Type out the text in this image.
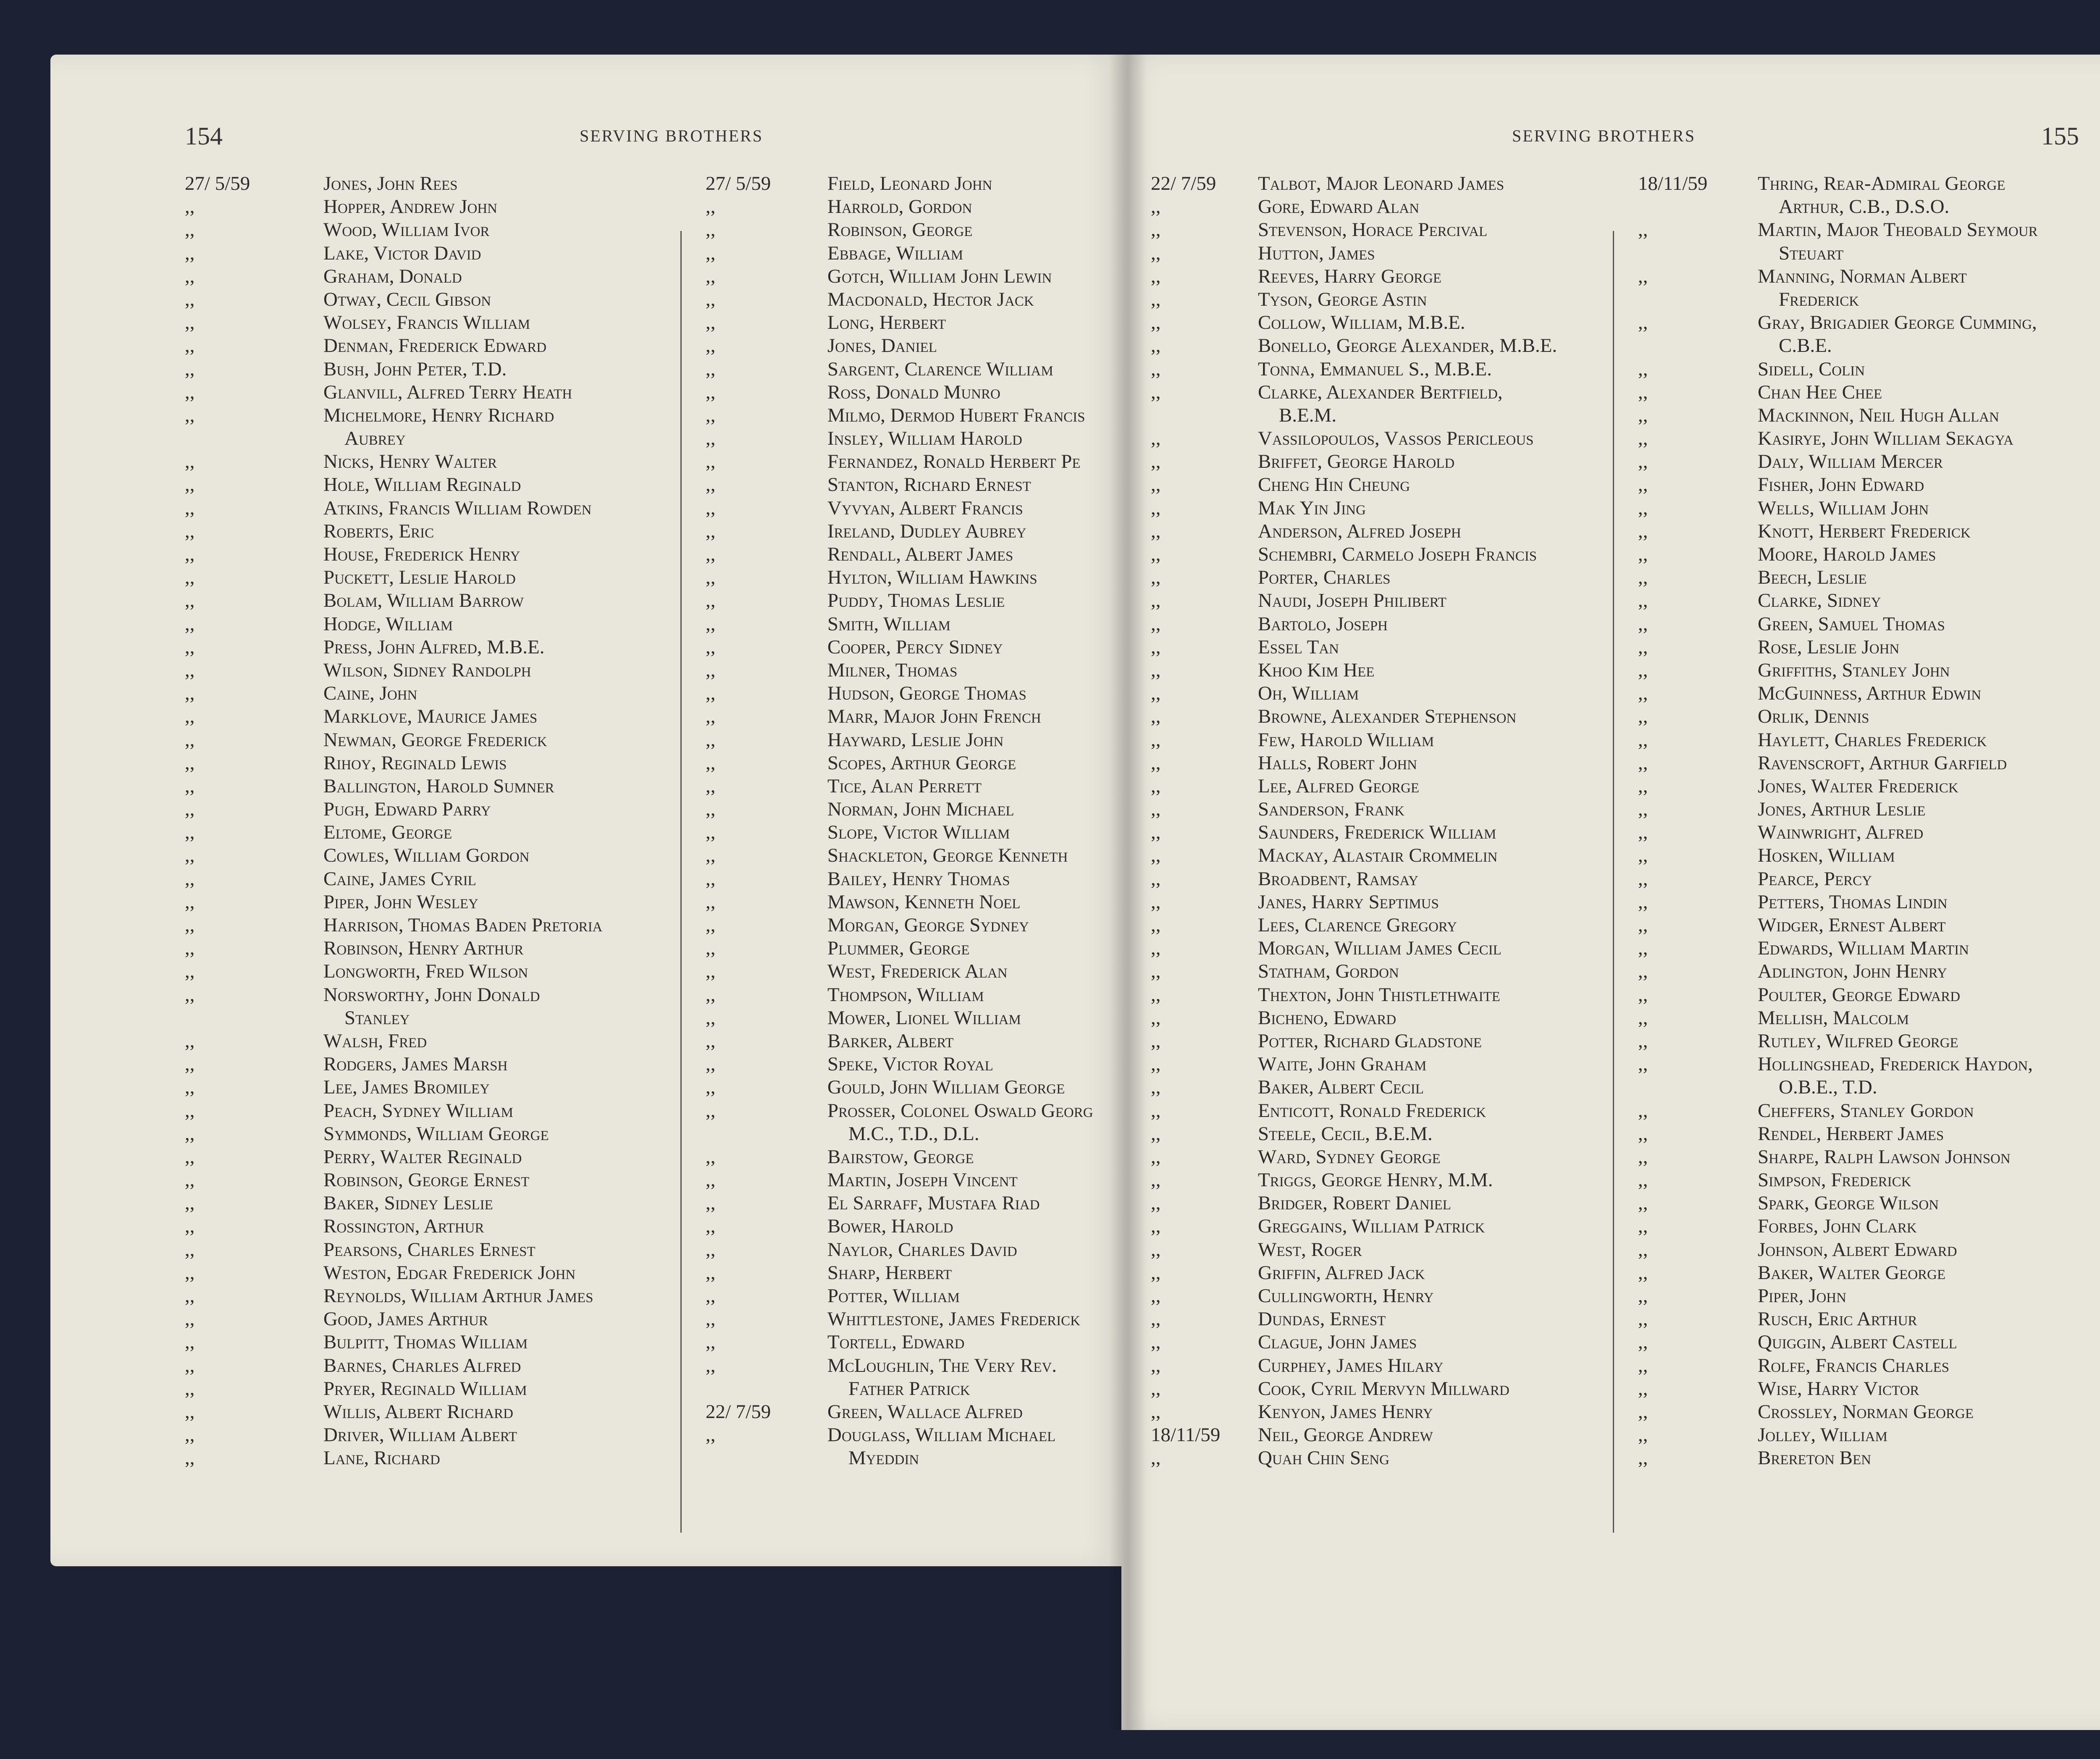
154	SERVING BROTHERS	SERVING BROTHERS	155
27/ 5/59	Jones, John Rees
,,	Hopper, Andrew John
,,	Wood, William Ivor
,,	Lake, Victor David
,,	Graham, Donald
,,	Otway, Cecil Gibson
,,	Wolsey, Francis William
,,	Denman, Frederick Edward
,,	Bush, John Peter, T.D.
,,	Glanvill, Alfred Terry Heath
,,	Michelmore, Henry Richard
Aubrey
,,	Nicks, Henry Walter
,,	Hole, William Reginald
,,	Atkins, Francis William Rowden
,,	Roberts, Eric
,,	House, Frederick Henry
,,	Puckett, Leslie Harold
,,	Bolam, William Barrow
,,	Hodge, William
,,	Press, John Alfred, M.B.E.
,,	Wilson, Sidney Randolph
,,	Caine, John
,,	Marklove, Maurice James
,,	Newman, George Frederick
,,	Rihoy, Reginald Lewis
,,	Ballington, Harold Sumner
,,	Pugh, Edward Parry
,,	Eltome, George
,,	Cowles, William Gordon
,,	Caine, James Cyril
,,	Piper, John Wesley
,,	Harrison, Thomas Baden Pretoria
,,	Robinson, Henry Arthur
,,	Longworth, Fred Wilson
,,	Norsworthy, John Donald
Stanley
,,	Walsh, Fred
,,	Rodgers, James Marsh
,,	Lee, James Bromiley
,,	Peach, Sydney William
,,	Symmonds, William George
,,	Perry, Walter Reginald
,,	Robinson, George Ernest
,,	Baker, Sidney Leslie
,,	Rossington, Arthur
,,	Pearsons, Charles Ernest
,,	Weston, Edgar Frederick John
,,	Reynolds, William Arthur James
,,	Good, James Arthur
,,	Bulpitt, Thomas William
,,	Barnes, Charles Alfred
,,	Pryer, Reginald William
,,	Willis, Albert Richard
,,	Driver, William Albert
,,	Lane, Richard
27/ 5/59	Field, Leonard John
,,	Harrold, Gordon
,,	Robinson, George
,,	Ebbage, William
,,	Gotch, William John Lewin
,,	Macdonald, Hector Jack
,,	Long, Herbert
,,	Jones, Daniel
,,	Sargent, Clarence William
,,	Ross, Donald Munro
,,	Milmo, Dermod Hubert Francis
,,	Insley, William Harold
,,	Fernandez, Ronald Herbert Pe
,,	Stanton, Richard Ernest
,,	Vyvyan, Albert Francis
,,	Ireland, Dudley Aubrey
,,	Rendall, Albert James
,,	Hylton, William Hawkins
,,	Puddy, Thomas Leslie
,,	Smith, William
,,	Cooper, Percy Sidney
,,	Milner, Thomas
,,	Hudson, George Thomas
,,	Marr, Major John French
,,	Hayward, Leslie John
,,	Scopes, Arthur George
,,	Tice, Alan Perrett
,,	Norman, John Michael
,,	Slope, Victor William
,,	Shackleton, George Kenneth
,,	Bailey, Henry Thomas
,,	Mawson, Kenneth Noel
,,	Morgan, George Sydney
,,	Plummer, George
,,	West, Frederick Alan
,,	Thompson, William
,,	Mower, Lionel William
,,	Barker, Albert
,,	Speke, Victor Royal
,,	Gould, John William George
,,	Prosser, Colonel Oswald Georg
M.C., T.D., D.L.
,,	Bairstow, George
,,	Martin, Joseph Vincent
,,	El Sarraff, Mustafa Riad
,,	Bower, Harold
,,	Naylor, Charles David
,,	Sharp, Herbert
,,	Potter, William
,,	Whittlestone, James Frederick
,,	Tortell, Edward
,,	McLoughlin, The Very Rev.
Father Patrick
22/ 7/59	Green, Wallace Alfred
,,	Douglass, William Michael
Myeddin
22/ 7/59	Talbot, Major Leonard James
,,	Gore, Edward Alan
,,	Stevenson, Horace Percival
,,	Hutton, James
,,	Reeves, Harry George
,,	Tyson, George Astin
,,	Collow, William, M.B.E.
,,	Bonello, George Alexander, M.B.E.
,,	Tonna, Emmanuel S., M.B.E.
,,	Clarke, Alexander Bertfield,
B.E.M.
,,	Vassilopoulos, Vassos Pericleous
,,	Briffet, George Harold
,,	Cheng Hin Cheung
,,	Mak Yin Jing
,,	Anderson, Alfred Joseph
,,	Schembri, Carmelo Joseph Francis
,,	Porter, Charles
,,	Naudi, Joseph Philibert
,,	Bartolo, Joseph
,,	Essel Tan
,,	Khoo Kim Hee
,,	Oh, William
,,	Browne, Alexander Stephenson
,,	Few, Harold William
,,	Halls, Robert John
,,	Lee, Alfred George
,,	Sanderson, Frank
,,	Saunders, Frederick William
,,	Mackay, Alastair Crommelin
,,	Broadbent, Ramsay
,,	Janes, Harry Septimus
,,	Lees, Clarence Gregory
,,	Morgan, William James Cecil
,,	Statham, Gordon
,,	Thexton, John Thistlethwaite
,,	Bicheno, Edward
,,	Potter, Richard Gladstone
,,	Waite, John Graham
,,	Baker, Albert Cecil
,,	Enticott, Ronald Frederick
,,	Steele, Cecil, B.E.M.
,,	Ward, Sydney George
,,	Triggs, George Henry, M.M.
,,	Bridger, Robert Daniel
,,	Greggains, William Patrick
,,	West, Roger
,,	Griffin, Alfred Jack
,,	Cullingworth, Henry
,,	Dundas, Ernest
,,	Clague, John James
,,	Curphey, James Hilary
,,	Cook, Cyril Mervyn Millward
,,	Kenyon, James Henry
18/11/59	Neil, George Andrew
,,	Quah Chin Seng
18/11/59	Thring, Rear-Admiral George
Arthur, C.B., D.S.O.
,,	Martin, Major Theobald Seymour
Steuart
,,	Manning, Norman Albert
Frederick
,,	Gray, Brigadier George Cumming,
C.B.E.
,,	Sidell, Colin
,,	Chan Hee Chee
,,	Mackinnon, Neil Hugh Allan
,,	Kasirye, John William Sekagya
,,	Daly, William Mercer
,,	Fisher, John Edward
,,	Wells, William John
,,	Knott, Herbert Frederick
,,	Moore, Harold James
,,	Beech, Leslie
,,	Clarke, Sidney
,,	Green, Samuel Thomas
,,	Rose, Leslie John
,,	Griffiths, Stanley John
,,	McGuinness, Arthur Edwin
,,	Orlik, Dennis
,,	Haylett, Charles Frederick
,,	Ravenscroft, Arthur Garfield
,,	Jones, Walter Frederick
,,	Jones, Arthur Leslie
,,	Wainwright, Alfred
,,	Hosken, William
,,	Pearce, Percy
,,	Petters, Thomas Lindin
,,	Widger, Ernest Albert
,,	Edwards, William Martin
,,	Adlington, John Henry
,,	Poulter, George Edward
,,	Mellish, Malcolm
,,	Rutley, Wilfred George
,,	Hollingshead, Frederick Haydon,
O.B.E., T.D.
,,	Cheffers, Stanley Gordon
,,	Rendel, Herbert James
,,	Sharpe, Ralph Lawson Johnson
,,	Simpson, Frederick
,,	Spark, George Wilson
,,	Forbes, John Clark
,,	Johnson, Albert Edward
,,	Baker, Walter George
,,	Piper, John
,,	Rusch, Eric Arthur
,,	Quiggin, Albert Castell
,,	Rolfe, Francis Charles
,,	Wise, Harry Victor
,,	Crossley, Norman George
,,	Jolley, William
,,	Brereton Ben
